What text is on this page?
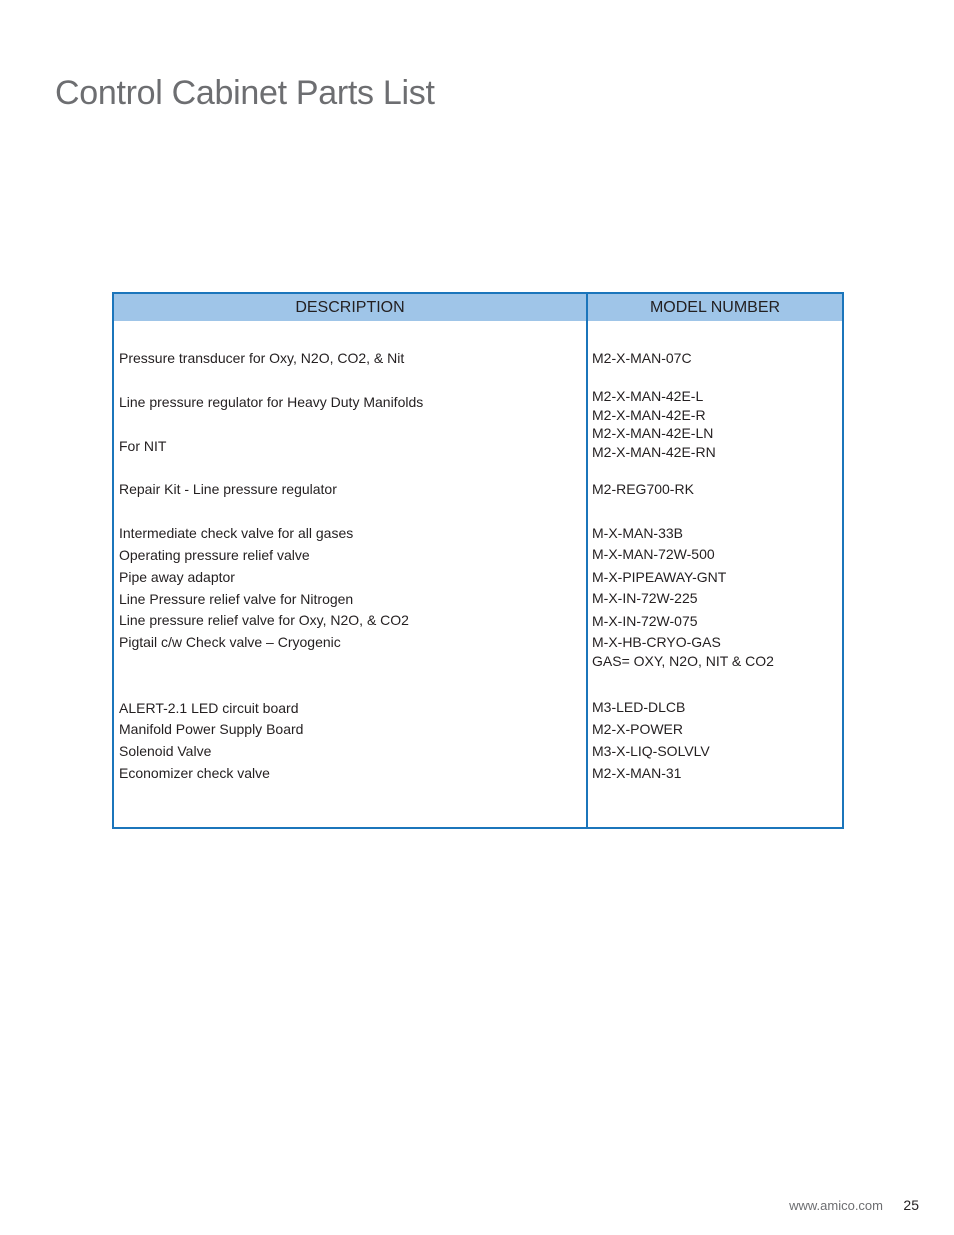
Control Cabinet Parts List
DESCRIPTION	MODEL NUMBER
Pressure transducer for Oxy, N2O, CO2, & Nit
Line pressure regulator for Heavy Duty Manifolds
For NIT
Repair Kit - Line pressure regulator
Intermediate check valve for all gases
Operating pressure relief valve
Pipe away adaptor
Line Pressure relief valve for Nitrogen
Line pressure relief valve for Oxy, N2O, & CO2
Pigtail c/w Check valve – Cryogenic
ALERT-2.1 LED circuit board
Manifold Power Supply Board
Solenoid Valve
Economizer check valve
M2-X-MAN-07C
M2-X-MAN-42E-L
M2-X-MAN-42E-R
M2-X-MAN-42E-LN
M2-X-MAN-42E-RN
M2-REG700-RK
M-X-MAN-33B
M-X-MAN-72W-500
M-X-PIPEAWAY-GNT
M-X-IN-72W-225
M-X-IN-72W-075
M-X-HB-CRYO-GAS
GAS= OXY, N2O, NIT & CO2
M3-LED-DLCB
M2-X-POWER
M3-X-LIQ-SOLVLV
M2-X-MAN-31
www.amico.com 25
